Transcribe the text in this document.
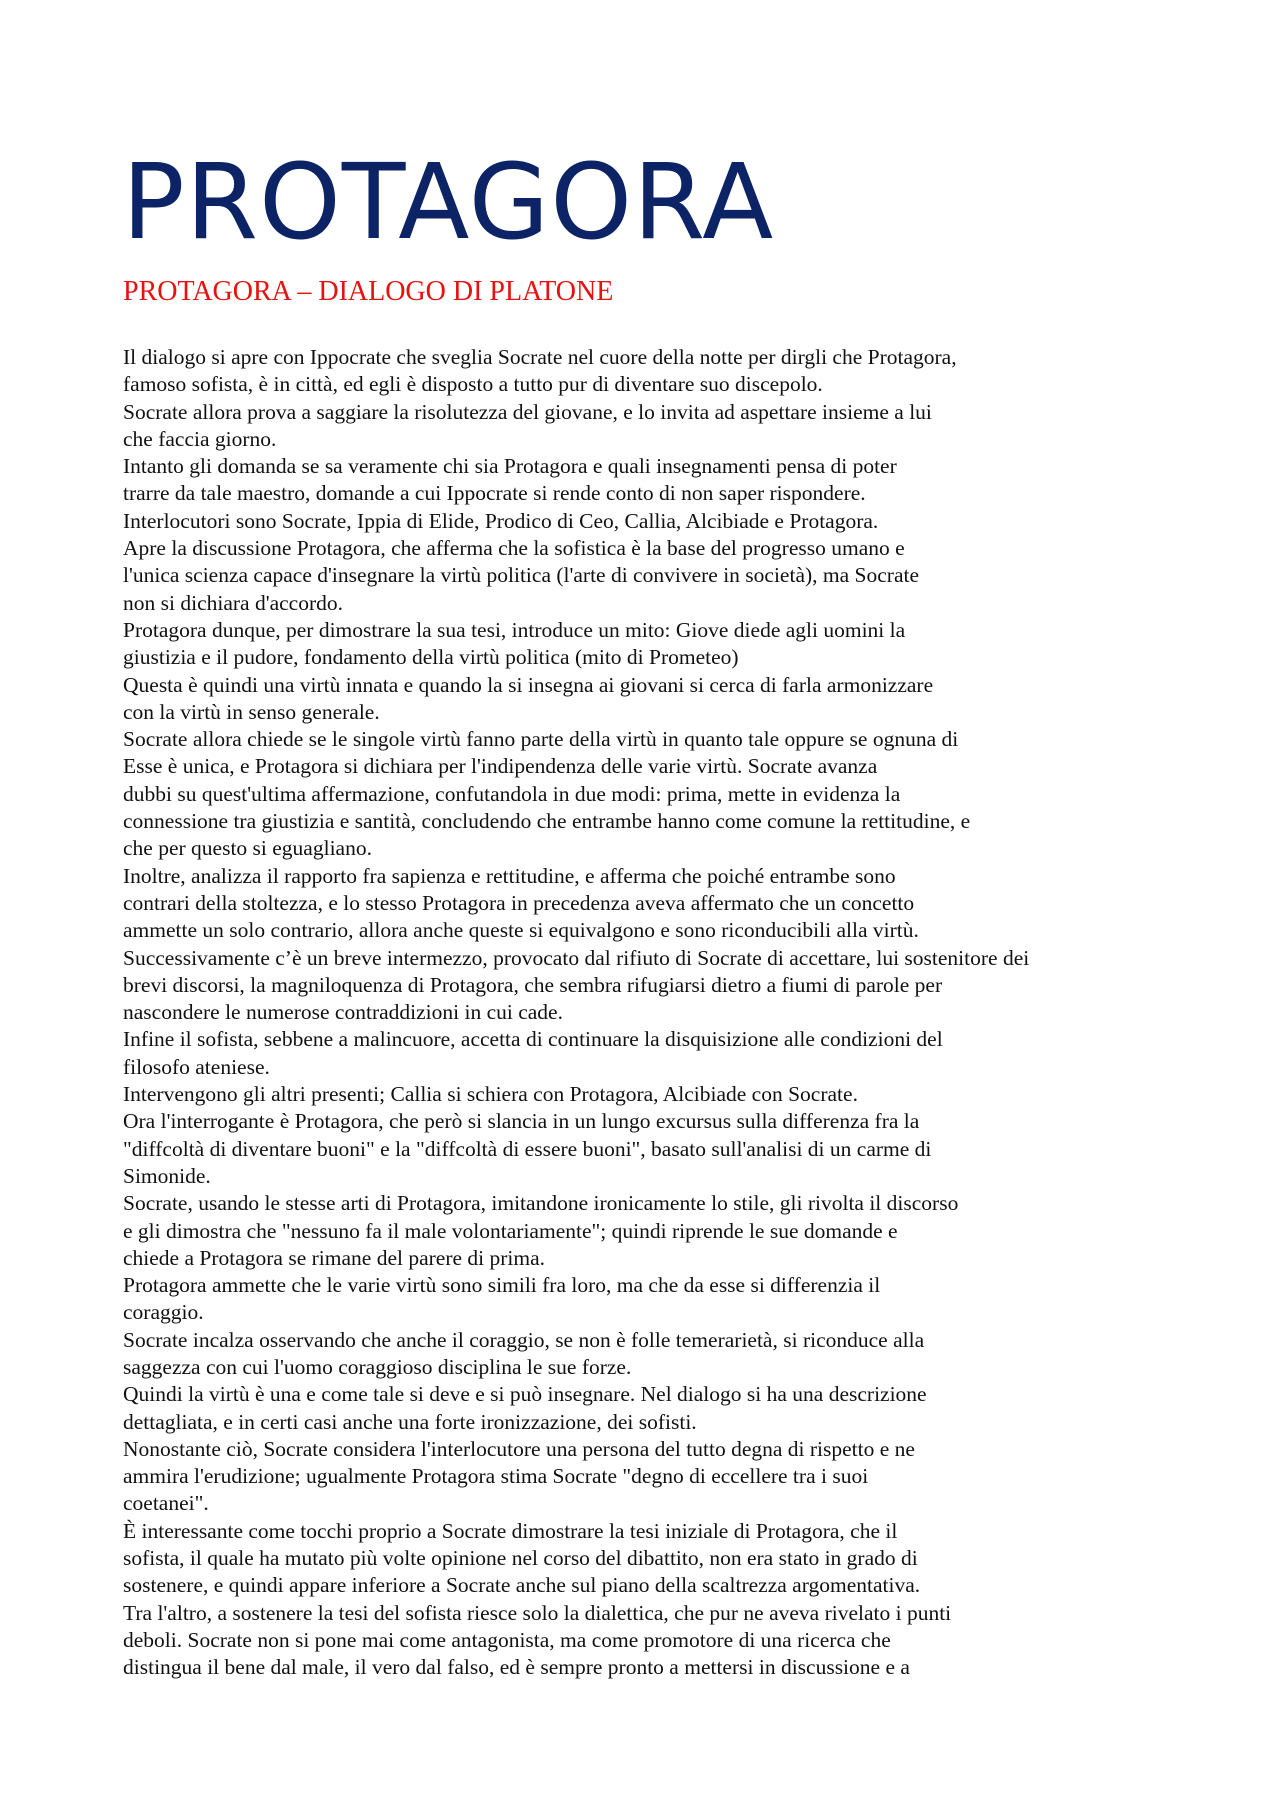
PROTAGORA
PROTAGORA – DIALOGO DI PLATONE
Il dialogo si apre con Ippocrate che sveglia Socrate nel cuore della notte per dirgli che Protagora,
famoso sofista, è in città, ed egli è disposto a tutto pur di diventare suo discepolo.
Socrate allora prova a saggiare la risolutezza del giovane, e lo invita ad aspettare insieme a lui
che faccia giorno.
Intanto gli domanda se sa veramente chi sia Protagora e quali insegnamenti pensa di poter
trarre da tale maestro, domande a cui Ippocrate si rende conto di non saper rispondere.
Interlocutori sono Socrate, Ippia di Elide, Prodico di Ceo, Callia, Alcibiade e Protagora.
Apre la discussione Protagora, che afferma che la sofistica è la base del progresso umano e
l'unica scienza capace d'insegnare la virtù politica (l'arte di convivere in società), ma Socrate
non si dichiara d'accordo.
Protagora dunque, per dimostrare la sua tesi, introduce un mito: Giove diede agli uomini la
giustizia e il pudore, fondamento della virtù politica (mito di Prometeo)
Questa è quindi una virtù innata e quando la si insegna ai giovani si cerca di farla armonizzare
con la virtù in senso generale.
Socrate allora chiede se le singole virtù fanno parte della virtù in quanto tale oppure se ognuna di
Esse è unica, e Protagora si dichiara per l'indipendenza delle varie virtù. Socrate avanza
dubbi su quest'ultima affermazione, confutandola in due modi: prima, mette in evidenza la
connessione tra giustizia e santità, concludendo che entrambe hanno come comune la rettitudine, e
che per questo si eguagliano.
Inoltre, analizza il rapporto fra sapienza e rettitudine, e afferma che poiché entrambe sono
contrari della stoltezza, e lo stesso Protagora in precedenza aveva affermato che un concetto
ammette un solo contrario, allora anche queste si equivalgono e sono riconducibili alla virtù.
Successivamente c’è un breve intermezzo, provocato dal rifiuto di Socrate di accettare, lui sostenitore dei
brevi discorsi, la magniloquenza di Protagora, che sembra rifugiarsi dietro a fiumi di parole per
nascondere le numerose contraddizioni in cui cade.
Infine il sofista, sebbene a malincuore, accetta di continuare la disquisizione alle condizioni del
filosofo ateniese.
Intervengono gli altri presenti; Callia si schiera con Protagora, Alcibiade con Socrate.
Ora l'interrogante è Protagora, che però si slancia in un lungo excursus sulla differenza fra la
"diffcoltà di diventare buoni" e la "diffcoltà di essere buoni", basato sull'analisi di un carme di
Simonide.
Socrate, usando le stesse arti di Protagora, imitandone ironicamente lo stile, gli rivolta il discorso
e gli dimostra che "nessuno fa il male volontariamente"; quindi riprende le sue domande e
chiede a Protagora se rimane del parere di prima.
Protagora ammette che le varie virtù sono simili fra loro, ma che da esse si differenzia il
coraggio.
Socrate incalza osservando che anche il coraggio, se non è folle temerarietà, si riconduce alla
saggezza con cui l'uomo coraggioso disciplina le sue forze.
Quindi la virtù è una e come tale si deve e si può insegnare. Nel dialogo si ha una descrizione
dettagliata, e in certi casi anche una forte ironizzazione, dei sofisti.
Nonostante ciò, Socrate considera l'interlocutore una persona del tutto degna di rispetto e ne
ammira l'erudizione; ugualmente Protagora stima Socrate "degno di eccellere tra i suoi
coetanei".
È interessante come tocchi proprio a Socrate dimostrare la tesi iniziale di Protagora, che il
sofista, il quale ha mutato più volte opinione nel corso del dibattito, non era stato in grado di
sostenere, e quindi appare inferiore a Socrate anche sul piano della scaltrezza argomentativa.
Tra l'altro, a sostenere la tesi del sofista riesce solo la dialettica, che pur ne aveva rivelato i punti
deboli. Socrate non si pone mai come antagonista, ma come promotore di una ricerca che
distingua il bene dal male, il vero dal falso, ed è sempre pronto a mettersi in discussione e a
